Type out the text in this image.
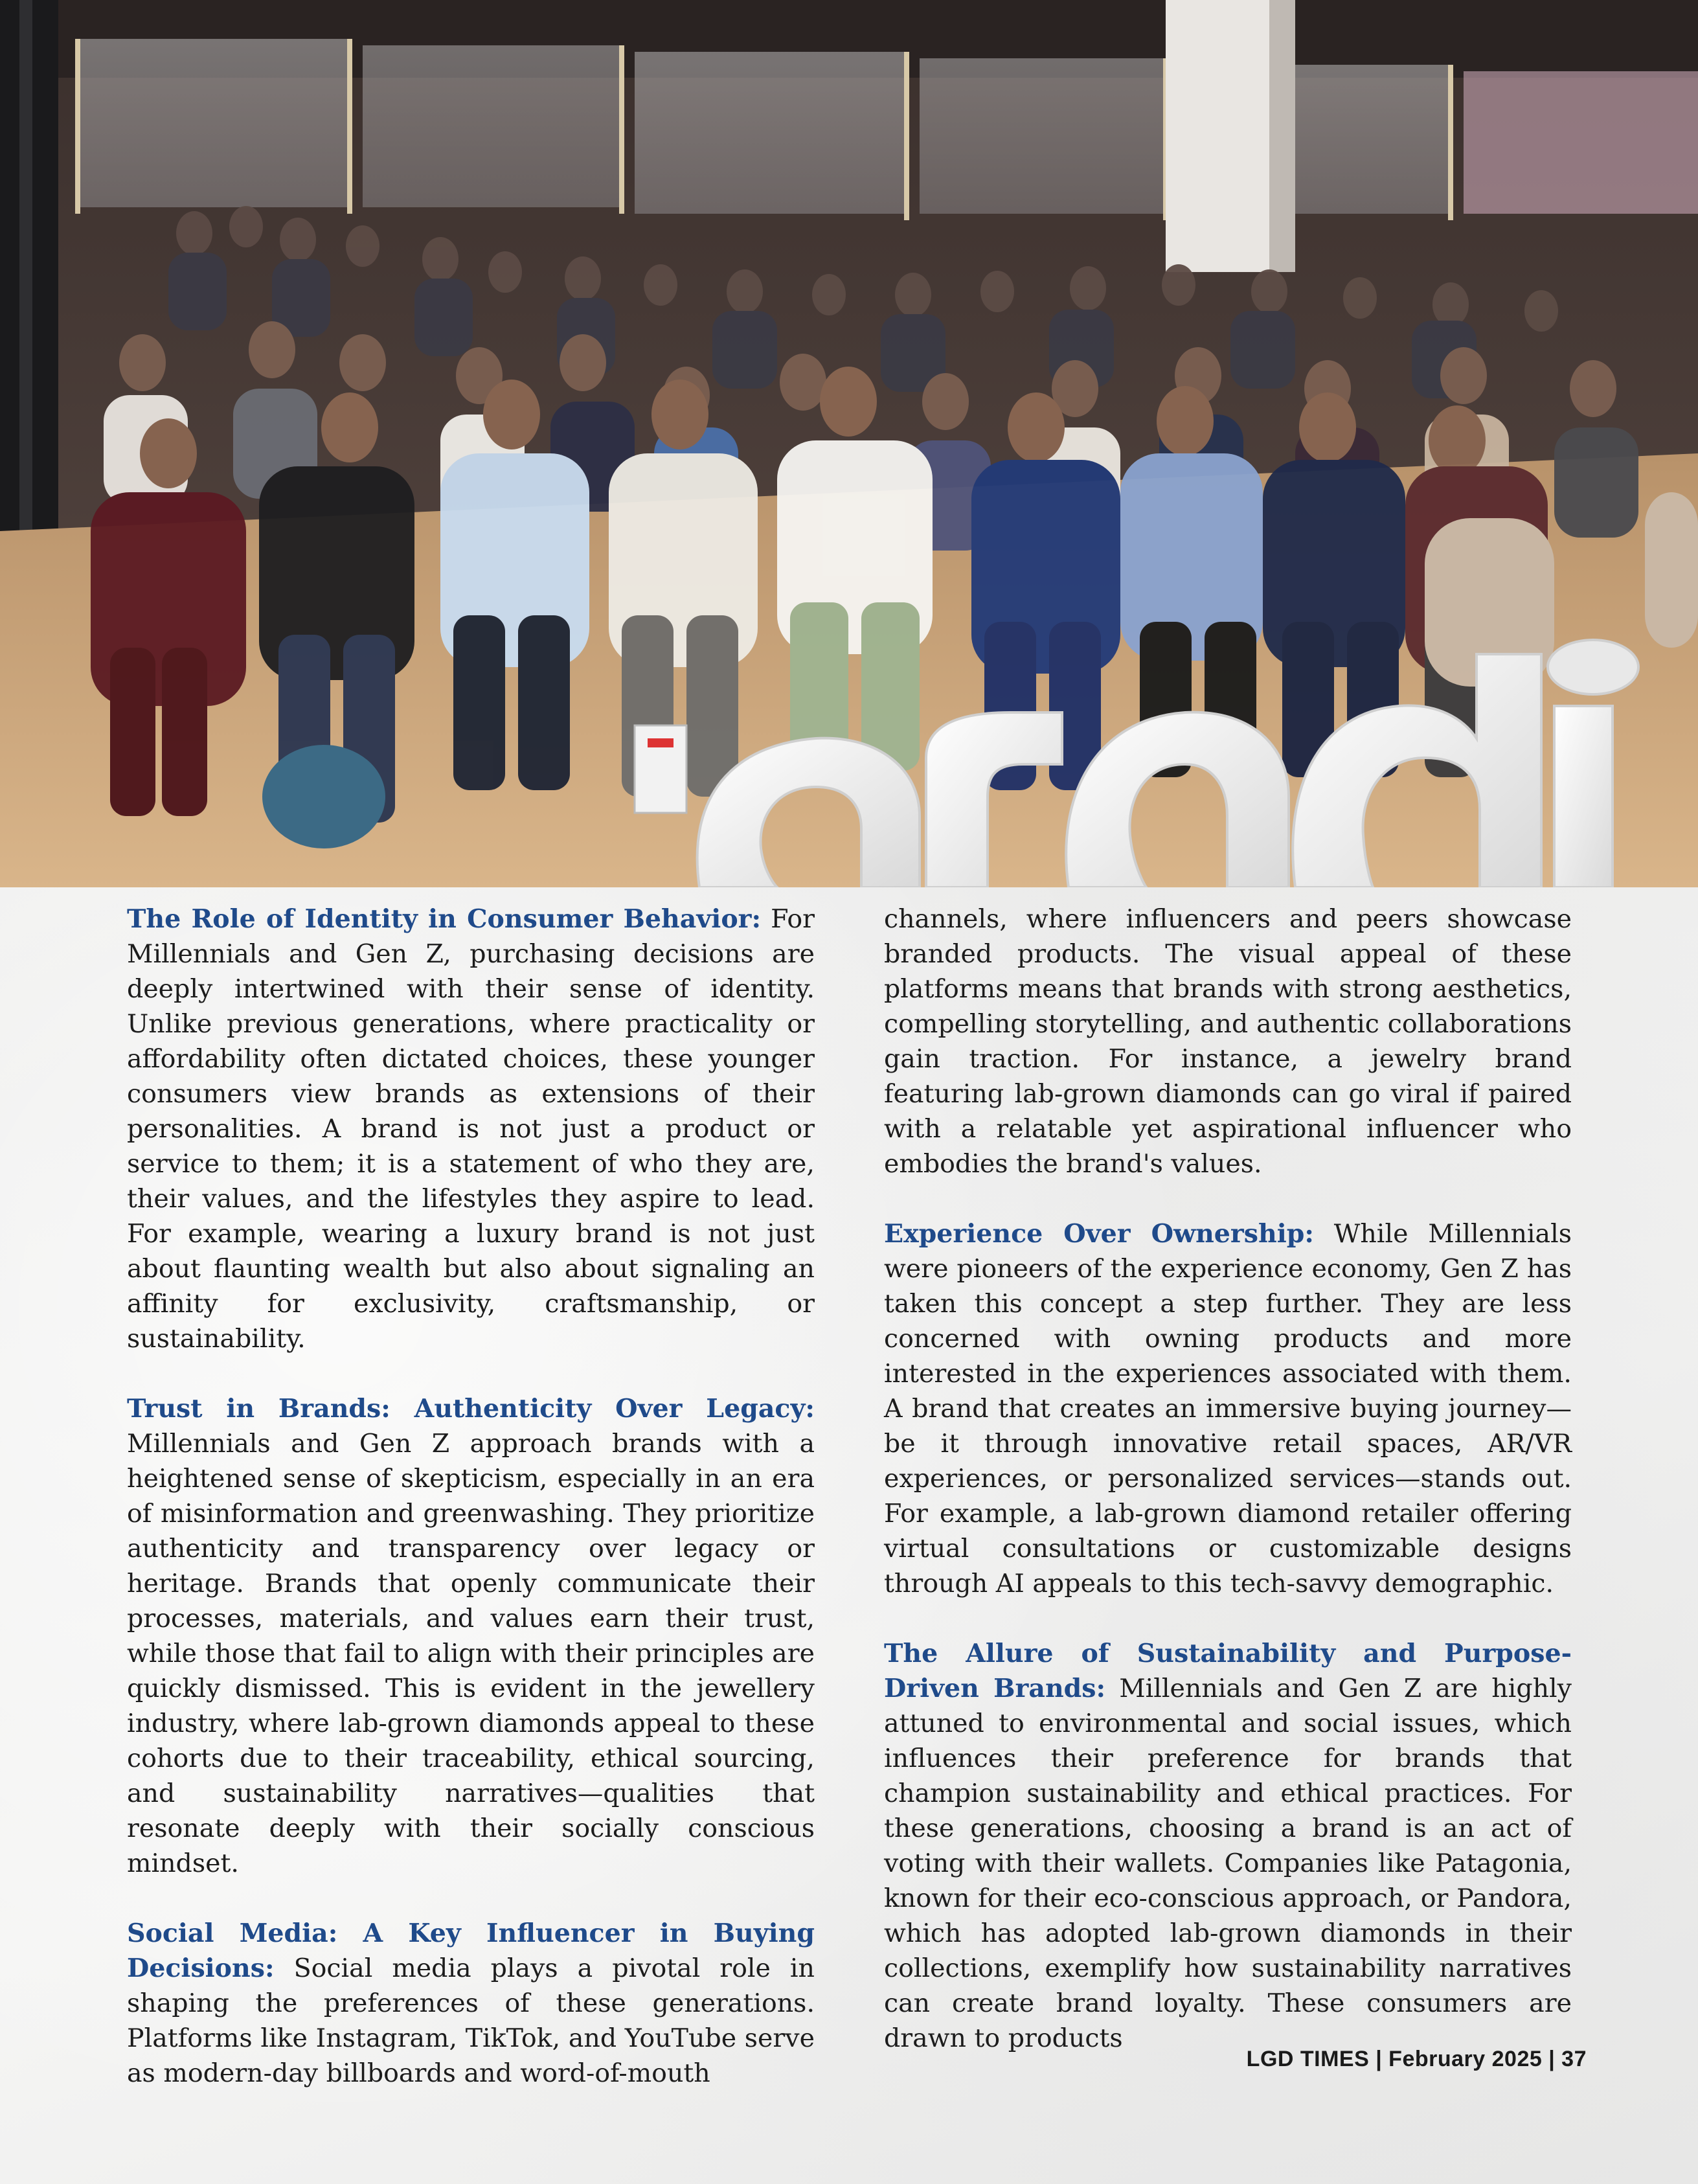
The Role of Identity in Consumer Behavior: For Millennials and Gen Z, purchasing decisions are deeply intertwined with their sense of identity. Unlike previous generations, where practicality or affordability often dictated choices, these younger consumers view brands as extensions of their personalities. A brand is not just a product or service to them; it is a statement of who they are, their values, and the lifestyles they aspire to lead. For example, wearing a luxury brand is not just about flaunting wealth but also about signaling an affinity for exclusivity, craftsmanship, or sustainability.

Trust in Brands: Authenticity Over Legacy: Millennials and Gen Z approach brands with a heightened sense of skepticism, especially in an era of misinformation and greenwashing. They prioritize authenticity and transparency over legacy or heritage. Brands that openly communicate their processes, materials, and values earn their trust, while those that fail to align with their principles are quickly dismissed. This is evident in the jewellery industry, where lab-grown diamonds appeal to these cohorts due to their traceability, ethical sourcing, and sustainability narratives—qualities that resonate deeply with their socially conscious mindset.

Social Media: A Key Influencer in Buying Decisions: Social media plays a pivotal role in shaping the preferences of these generations. Platforms like Instagram, TikTok, and YouTube serve as modern-day billboards and word-of-mouth

channels, where influencers and peers showcase branded products. The visual appeal of these platforms means that brands with strong aesthetics, compelling storytelling, and authentic collaborations gain traction. For instance, a jewelry brand featuring lab-grown diamonds can go viral if paired with a relatable yet aspirational influencer who embodies the brand's values.

Experience Over Ownership: While Millennials were pioneers of the experience economy, Gen Z has taken this concept a step further. They are less concerned with owning products and more interested in the experiences associated with them. A brand that creates an immersive buying journey—be it through innovative retail spaces, AR/VR experiences, or personalized services—stands out. For example, a lab-grown diamond retailer offering virtual consultations or customizable designs through AI appeals to this tech-savvy demographic.

The Allure of Sustainability and Purpose-Driven Brands: Millennials and Gen Z are highly attuned to environmental and social issues, which influences their preference for brands that champion sustainability and ethical practices. For these generations, choosing a brand is an act of voting with their wallets. Companies like Patagonia, known for their eco-conscious approach, or Pandora, which has adopted lab-grown diamonds in their collections, exemplify how sustainability narratives can create brand loyalty. These consumers are drawn to products

LGD TIMES | February 2025 | 37
